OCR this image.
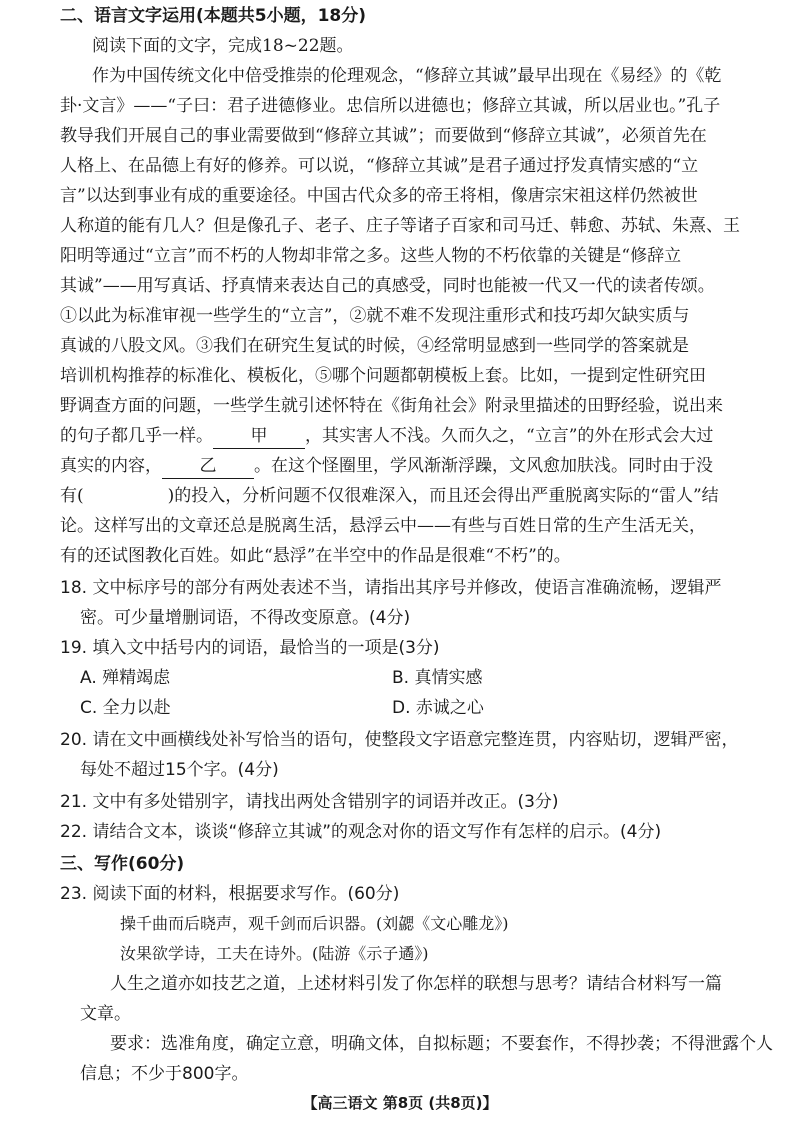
二、语言文字运用(本题共5小题，18分)
阅读下面的文字，完成18~22题。
作为中国传统文化中倍受推崇的伦理观念，“修辞立其诚”最早出现在《易经》的《乾
卦·文言》——“子曰：君子进德修业。忠信所以进德也；修辞立其诚，所以居业也。”孔子
教导我们开展自己的事业需要做到“修辞立其诚”；而要做到“修辞立其诚”，必须首先在
人格上、在品德上有好的修养。可以说，“修辞立其诚”是君子通过抒发真情实感的“立
言”以达到事业有成的重要途径。中国古代众多的帝王将相，像唐宗宋祖这样仍然被世
人称道的能有几人？但是像孔子、老子、庄子等诸子百家和司马迁、韩愈、苏轼、朱熹、王
阳明等通过“立言”而不朽的人物却非常之多。这些人物的不朽依靠的关键是“修辞立
其诚”——用写真话、抒真情来表达自己的真感受，同时也能被一代又一代的读者传颂。
①以此为标准审视一些学生的“立言”，②就不难不发现注重形式和技巧却欠缺实质与
真诚的八股文风。③我们在研究生复试的时候，④经常明显感到一些同学的答案就是
培训机构推荐的标准化、模板化，⑤哪个问题都朝模板上套。比如，一提到定性研究田
野调查方面的问题，一些学生就引述怀特在《街角社会》附录里描述的田野经验，说出来
的句子都几乎一样。 甲 ，其实害人不浅。久而久之，“立言”的外在形式会大过
真实的内容， 乙 。在这个怪圈里，学风渐渐浮躁，文风愈加肤浅。同时由于没
有(	)的投入，分析问题不仅很难深入，而且还会得出严重脱离实际的“雷人”结
论。这样写出的文章还总是脱离生活，悬浮云中——有些与百姓日常的生产生活无关，
有的还试图教化百姓。如此“悬浮”在半空中的作品是很难“不朽”的。
18. 文中标序号的部分有两处表述不当，请指出其序号并修改，使语言准确流畅，逻辑严
密。可少量增删词语，不得改变原意。(4分)
19. 填入文中括号内的词语，最恰当的一项是(3分)
A. 殚精竭虑	B. 真情实感
C. 全力以赴	D. 赤诚之心
20. 请在文中画横线处补写恰当的语句，使整段文字语意完整连贯，内容贴切，逻辑严密，
每处不超过15个字。(4分)
21. 文中有多处错别字，请找出两处含错别字的词语并改正。(3分)
22. 请结合文本，谈谈“修辞立其诚”的观念对你的语文写作有怎样的启示。(4分)
三、写作(60分)
23. 阅读下面的材料，根据要求写作。(60分)
操千曲而后晓声，观千剑而后识器。(刘勰《文心雕龙》)
汝果欲学诗，工夫在诗外。(陆游《示子遹》)
人生之道亦如技艺之道，上述材料引发了你怎样的联想与思考？请结合材料写一篇
文章。
要求：选准角度，确定立意，明确文体，自拟标题；不要套作，不得抄袭；不得泄露个人
信息；不少于800字。
【高三语文 第8页 (共8页)】
